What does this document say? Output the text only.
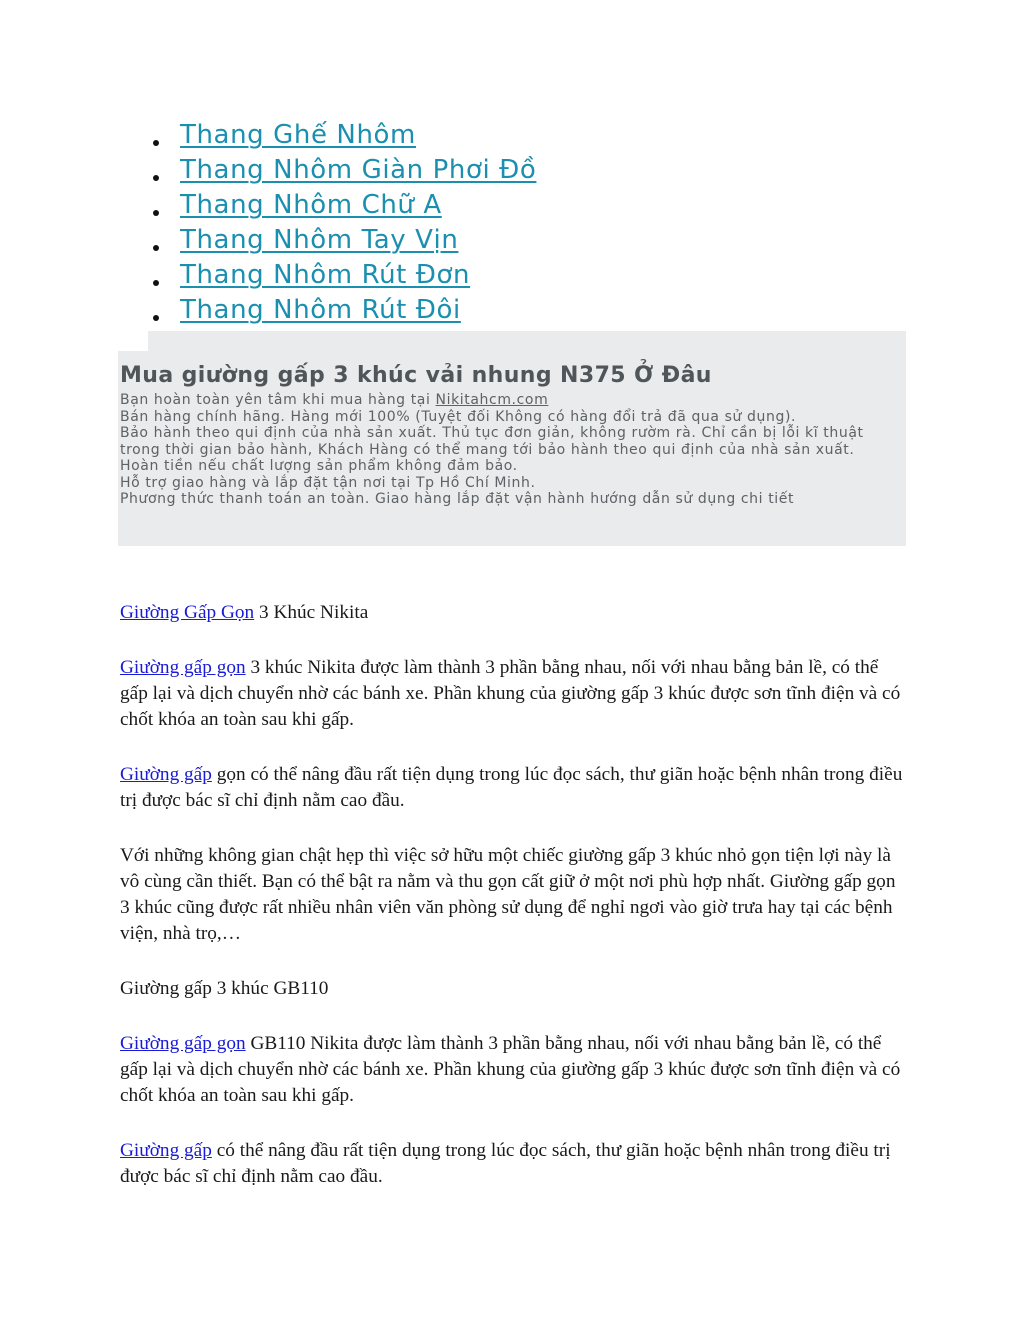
Thang Ghế Nhôm
Thang Nhôm Giàn Phơi Đồ
Thang Nhôm Chữ A
Thang Nhôm Tay Vịn
Thang Nhôm Rút Đơn
Thang Nhôm Rút Đôi
Mua giường gấp 3 khúc vải nhung N375 Ở Đâu

Bạn hoàn toàn yên tâm khi mua hàng tại Nikitahcm.com

Bán hàng chính hãng. Hàng mới 100% (Tuyệt đối Không có hàng đổi trả đã qua sử dụng).

Bảo hành theo qui định của nhà sản xuất. Thủ tục đơn giản, không rườm rà. Chỉ cần bị lỗi kĩ thuật trong thời gian bảo hành, Khách Hàng có thể mang tới bảo hành theo qui định của nhà sản xuất.

Hoàn tiền nếu chất lượng sản phẩm không đảm bảo.

Hỗ trợ giao hàng và lắp đặt tận nơi tại Tp Hồ Chí Minh.

Phương thức thanh toán an toàn. Giao hàng lắp đặt vận hành hướng dẫn sử dụng chi tiết

Giường Gấp Gọn 3 Khúc Nikita

Giường gấp gọn 3 khúc Nikita được làm thành 3 phần bằng nhau, nối với nhau bằng bản lề, có thể gấp lại và dịch chuyển nhờ các bánh xe. Phần khung của giường gấp 3 khúc được sơn tĩnh điện và có chốt khóa an toàn sau khi gấp.

Giường gấp gọn có thể nâng đầu rất tiện dụng trong lúc đọc sách, thư giãn hoặc bệnh nhân trong điều trị được bác sĩ chỉ định nằm cao đầu.

Với những không gian chật hẹp thì việc sở hữu một chiếc giường gấp 3 khúc nhỏ gọn tiện lợi này là vô cùng cần thiết. Bạn có thể bật ra nằm và thu gọn cất giữ ở một nơi phù hợp nhất. Giường gấp gọn 3 khúc cũng được rất nhiều nhân viên văn phòng sử dụng để nghỉ ngơi vào giờ trưa hay tại các bệnh viện, nhà trọ,…

Giường gấp 3 khúc GB110

Giường gấp gọn GB110 Nikita được làm thành 3 phần bằng nhau, nối với nhau bằng bản lề, có thể gấp lại và dịch chuyển nhờ các bánh xe. Phần khung của giường gấp 3 khúc được sơn tĩnh điện và có chốt khóa an toàn sau khi gấp.

Giường gấp có thể nâng đầu rất tiện dụng trong lúc đọc sách, thư giãn hoặc bệnh nhân trong điều trị được bác sĩ chỉ định nằm cao đầu.
